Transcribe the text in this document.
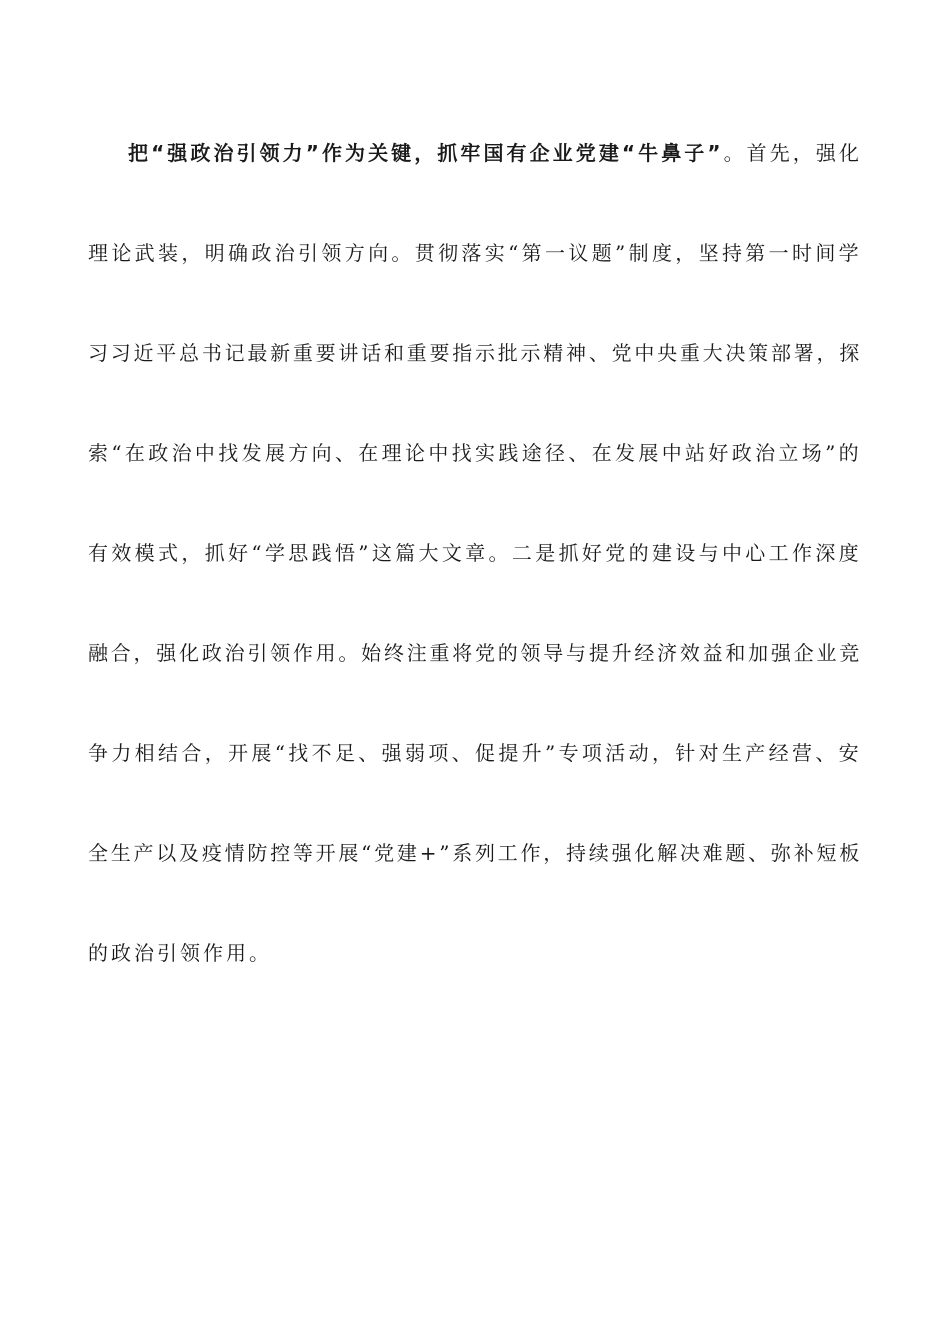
把“强政治引领力”作为关键，抓牢国有企业党建“牛鼻子” 。首先，强化
理论武装，明确政治引领方向。贯彻落实“第一议题”制度，坚持第一时间学
习习近平总书记最新重要讲话和重要指示批示精神、党中央重大决策部署，探
索“在政治中找发展方向、在理论中找实践途径、在发展中站好政治立场”的
有效模式，抓好“学思践悟”这篇大文章。二是抓好党的建设与中心工作深度
融合，强化政治引领作用。始终注重将党的领导与提升经济效益和加强企业竞
争力相结合，开展“找不足、强弱项、促提升”专项活动，针对生产经营、安
全生产以及疫情防控等开展“党建+”系列工作，持续强化解决难题、弥补短板
的政治引领作用。
